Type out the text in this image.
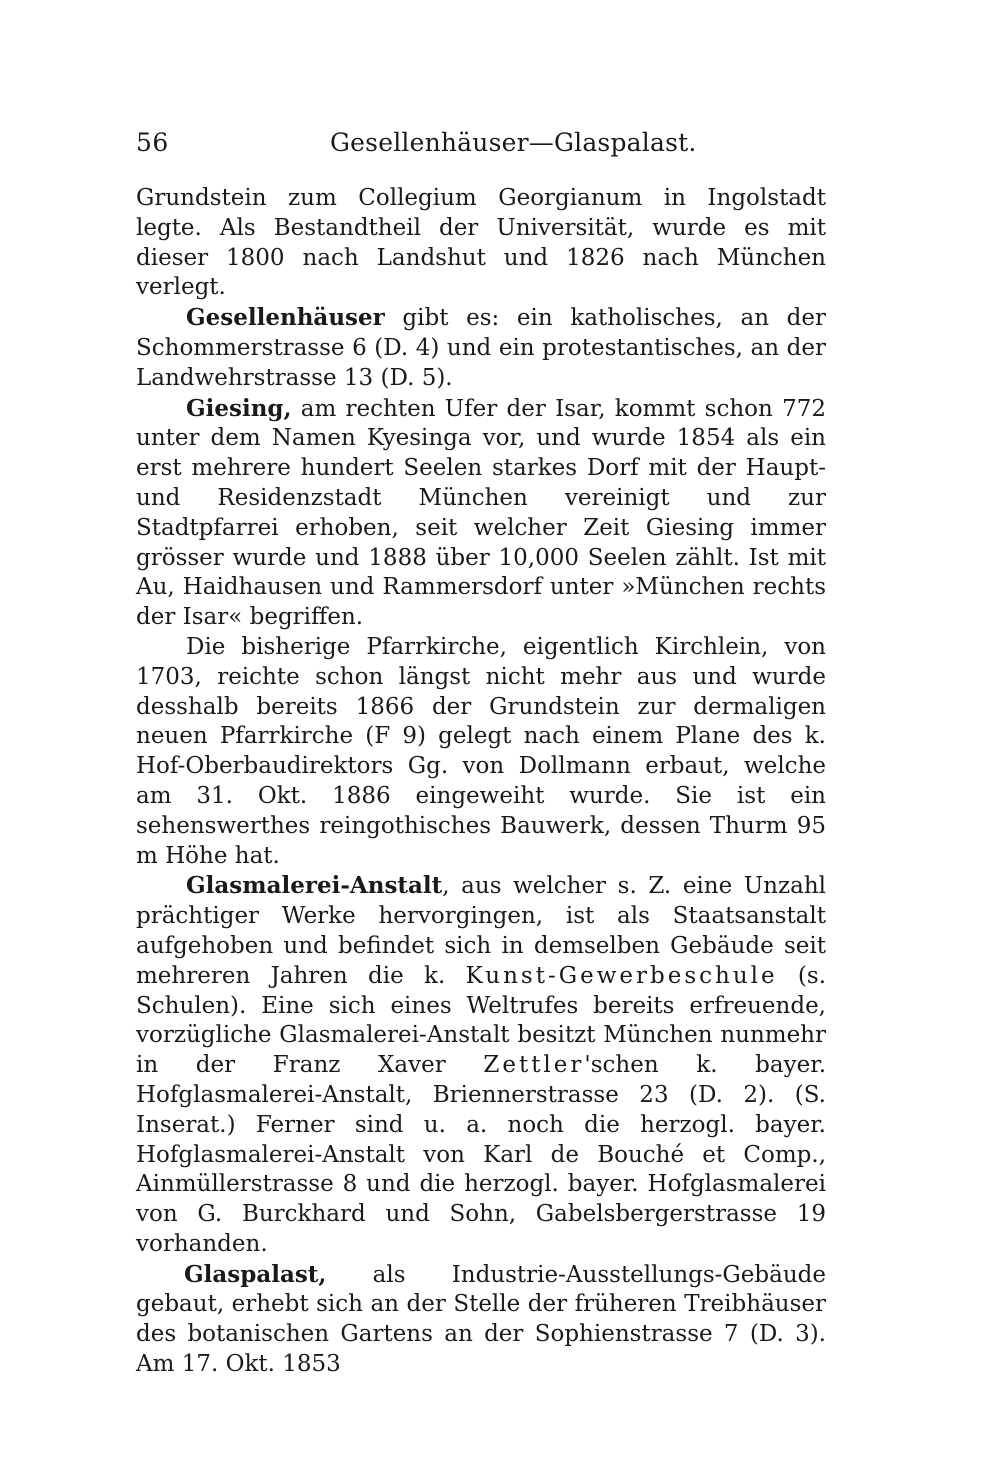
56	Gesellenhäuser—Glaspalast.

Grundstein zum Collegium Georgianum in Ingolstadt legte. Als Bestandtheil der Universität, wurde es mit dieser 1800 nach Landshut und 1826 nach München verlegt.

Gesellenhäuser gibt es: ein katholisches, an der Schommerstrasse 6 (D. 4) und ein protestantisches, an der Landwehrstrasse 13 (D. 5).

Giesing, am rechten Ufer der Isar, kommt schon 772 unter dem Namen Kyesinga vor, und wurde 1854 als ein erst mehrere hundert Seelen starkes Dorf mit der Haupt- und Residenzstadt München vereinigt und zur Stadtpfarrei erhoben, seit welcher Zeit Giesing immer grösser wurde und 1888 über 10,000 Seelen zählt. Ist mit Au, Haidhausen und Rammersdorf unter »München rechts der Isar« begriffen.

Die bisherige Pfarrkirche, eigentlich Kirchlein, von 1703, reichte schon längst nicht mehr aus und wurde desshalb bereits 1866 der Grundstein zur dermaligen neuen Pfarrkirche (F 9) gelegt nach einem Plane des k. Hof-Oberbaudirektors Gg. von Dollmann erbaut, welche am 31. Okt. 1886 eingeweiht wurde. Sie ist ein sehenswerthes reingothisches Bauwerk, dessen Thurm 95 m Höhe hat.

Glasmalerei-Anstalt, aus welcher s. Z. eine Unzahl prächtiger Werke hervorgingen, ist als Staatsanstalt aufgehoben und befindet sich in demselben Gebäude seit mehreren Jahren die k. Kunst-Gewerbeschule (s. Schulen). Eine sich eines Weltrufes bereits erfreuende, vorzügliche Glasmalerei-Anstalt besitzt München nunmehr in der Franz Xaver Zettler'schen k. bayer. Hofglasmalerei-Anstalt, Briennerstrasse 23 (D. 2). (S. Inserat.) Ferner sind u. a. noch die herzogl. bayer. Hofglasmalerei-Anstalt von Karl de Bouché et Comp., Ainmüllerstrasse 8 und die herzogl. bayer. Hofglasmalerei von G. Burckhard und Sohn, Gabelsbergerstrasse 19 vorhanden.

Glaspalast, als Industrie-Ausstellungs-Gebäude gebaut, erhebt sich an der Stelle der früheren Treibhäuser des botanischen Gartens an der Sophienstrasse 7 (D. 3). Am 17. Okt. 1853
